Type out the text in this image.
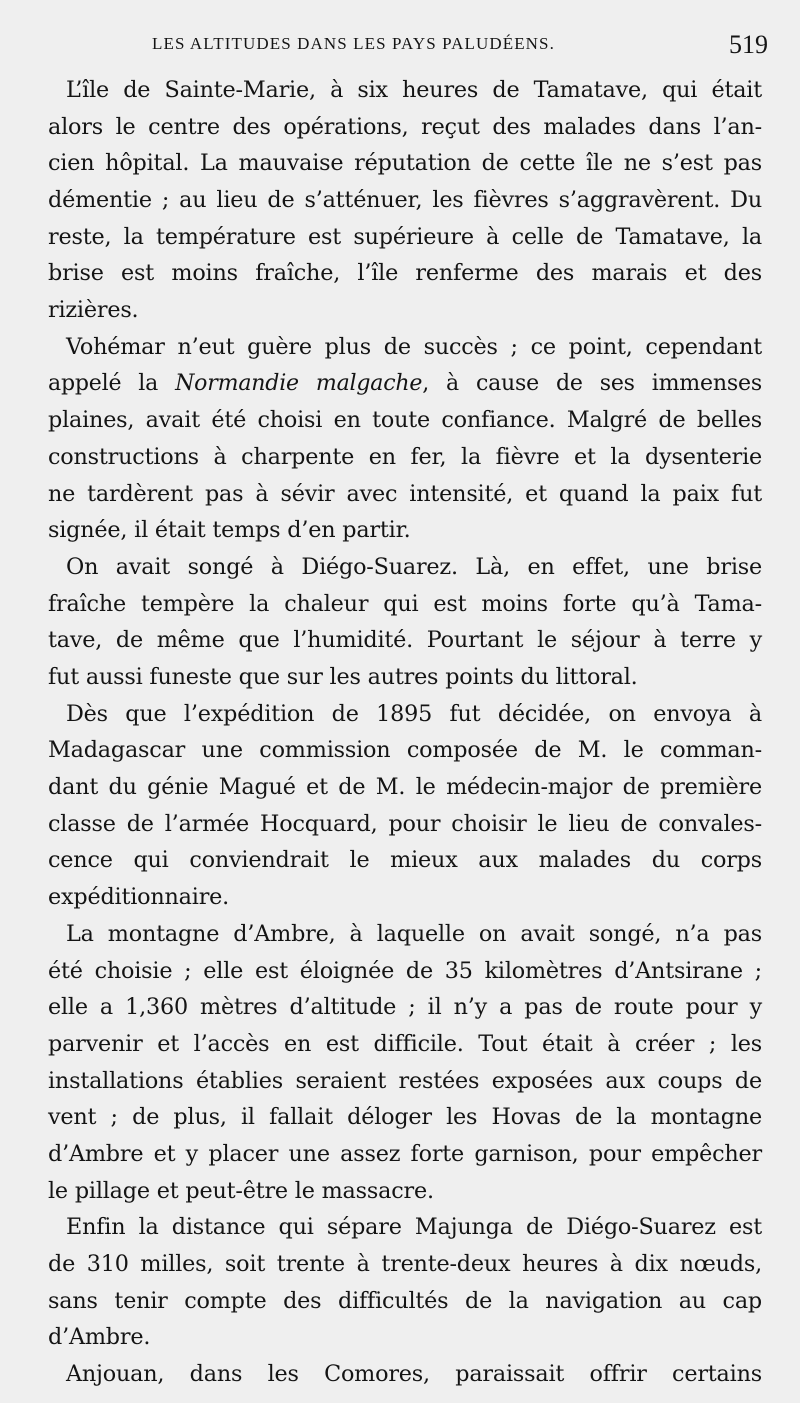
LES ALTITUDES DANS LES PAYS PALUDÉENS.	519
L’île de Sainte-Marie, à six heures de Tamatave, qui était
alors le centre des opérations, reçut des malades dans l’an-
cien hôpital. La mauvaise réputation de cette île ne s’est pas
démentie ; au lieu de s’atténuer, les fièvres s’aggravèrent. Du
reste, la température est supérieure à celle de Tamatave, la
brise est moins fraîche, l’île renferme des marais et des
rizières.
Vohémar n’eut guère plus de succès ; ce point, cependant
appelé la Normandie malgache, à cause de ses immenses
plaines, avait été choisi en toute confiance. Malgré de belles
constructions à charpente en fer, la fièvre et la dysenterie
ne tardèrent pas à sévir avec intensité, et quand la paix fut
signée, il était temps d’en partir.
On avait songé à Diégo-Suarez. Là, en effet, une brise
fraîche tempère la chaleur qui est moins forte qu’à Tama-
tave, de même que l’humidité. Pourtant le séjour à terre y
fut aussi funeste que sur les autres points du littoral.
Dès que l’expédition de 1895 fut décidée, on envoya à
Madagascar une commission composée de M. le comman-
dant du génie Magué et de M. le médecin-major de première
classe de l’armée Hocquard, pour choisir le lieu de convales-
cence qui conviendrait le mieux aux malades du corps
expéditionnaire.
La montagne d’Ambre, à laquelle on avait songé, n’a pas
été choisie ; elle est éloignée de 35 kilomètres d’Antsirane ;
elle a 1,360 mètres d’altitude ; il n’y a pas de route pour y
parvenir et l’accès en est difficile. Tout était à créer ; les
installations établies seraient restées exposées aux coups de
vent ; de plus, il fallait déloger les Hovas de la montagne
d’Ambre et y placer une assez forte garnison, pour empêcher
le pillage et peut-être le massacre.
Enfin la distance qui sépare Majunga de Diégo-Suarez est
de 310 milles, soit trente à trente-deux heures à dix nœuds,
sans tenir compte des difficultés de la navigation au cap
d’Ambre.
Anjouan, dans les Comores, paraissait offrir certains
